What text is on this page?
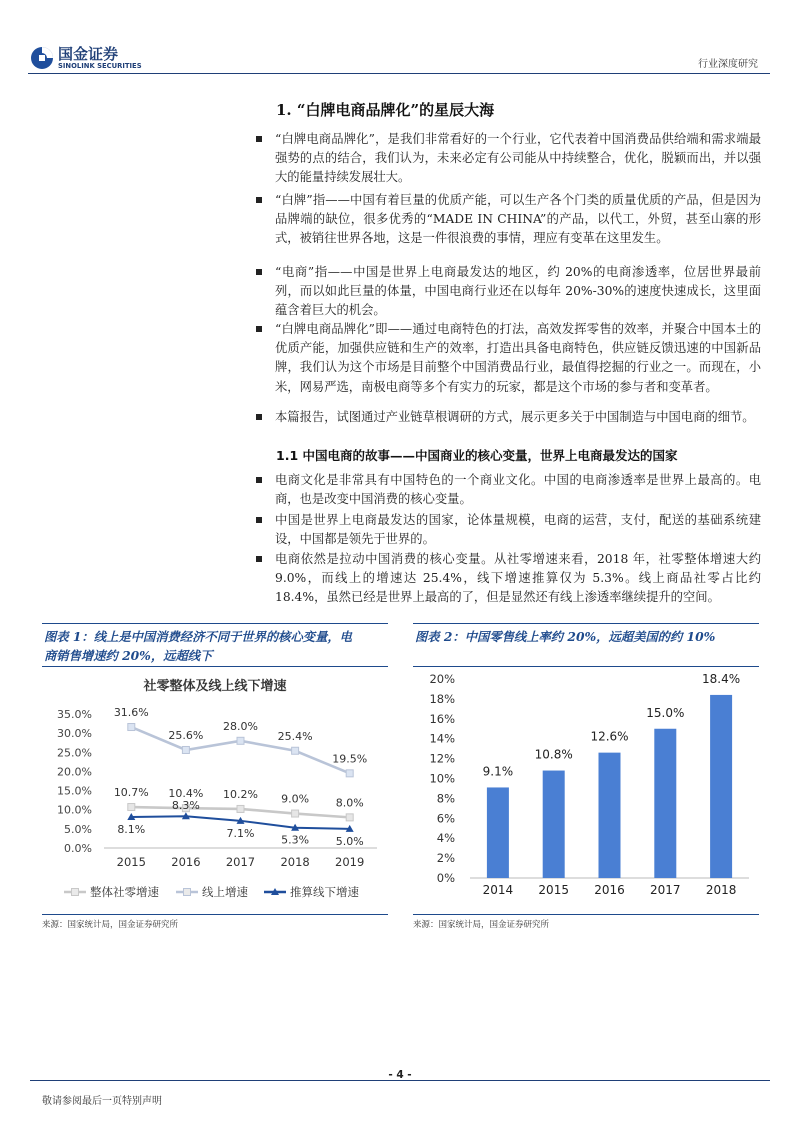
国金证券
SINOLINK SECURITIES	行业深度研究
1. “白牌电商品牌化”的星辰大海

“白牌电商品牌化”，是我们非常看好的一个行业，它代表着中国消费品供给端和需求端最强势的点的结合，我们认为，未来必定有公司能从中持续整合，优化，脱颖而出，并以强大的能量持续发展壮大。

“白牌”指——中国有着巨量的优质产能，可以生产各个门类的质量优质的产品，但是因为品牌端的缺位，很多优秀的“MADE IN CHINA”的产品，以代工，外贸，甚至山寨的形式，被销往世界各地，这是一件很浪费的事情，理应有变革在这里发生。

“电商”指——中国是世界上电商最发达的地区，约 20%的电商渗透率，位居世界最前列，而以如此巨量的体量，中国电商行业还在以每年 20%-30%的速度快速成长，这里面蕴含着巨大的机会。

“白牌电商品牌化”即——通过电商特色的打法，高效发挥零售的效率，并聚合中国本土的优质产能，加强供应链和生产的效率，打造出具备电商特色，供应链反馈迅速的中国新品牌，我们认为这个市场是目前整个中国消费品行业，最值得挖掘的行业之一。而现在，小米，网易严选，南极电商等多个有实力的玩家，都是这个市场的参与者和变革者。

本篇报告，试图通过产业链草根调研的方式，展示更多关于中国制造与中国电商的细节。

1.1 中国电商的故事——中国商业的核心变量，世界上电商最发达的国家

电商文化是非常具有中国特色的一个商业文化。中国的电商渗透率是世界上最高的。电商，也是改变中国消费的核心变量。

中国是世界上电商最发达的国家，论体量规模，电商的运营，支付，配送的基础系统建设，中国都是领先于世界的。

电商依然是拉动中国消费的核心变量。从社零增速来看，2018 年，社零整体增速大约 9.0%，而线上的增速达 25.4%，线下增速推算仅为 5.3%。线上商品社零占比约 18.4%，虽然已经是世界上最高的了，但是显然还有线上渗透率继续提升的空间。

图表 1：线上是中国消费经济不同于世界的核心变量，电
商销售增速约 20%，远超线下
图表 2：中国零售线上率约 20%，远超美国的约 10%
社零整体及线上线下增速
0.0%
5.0%
10.0%
15.0%
20.0%
25.0%
30.0%
35.0%
2015 2016 2017 2018 2019
10.7% 10.4% 10.2% 9.0% 8.0%
31.6%
25.6%
28.0%
25.4%
19.5%
8.1%
8.3%
7.1%
5.3% 5.0%
整体社零增速	线上增速	推算线下增速
来源：国家统计局，国金证券研究所
0%
2%
4%
6%
8%
10%
12%
14%
16%
18%
20%
9.1%
10.8%
12.6%
15.0%
18.4%
2014 2015 2016 2017 2018
来源：国家统计局，国金证券研究所
- 4 -
敬请参阅最后一页特别声明
